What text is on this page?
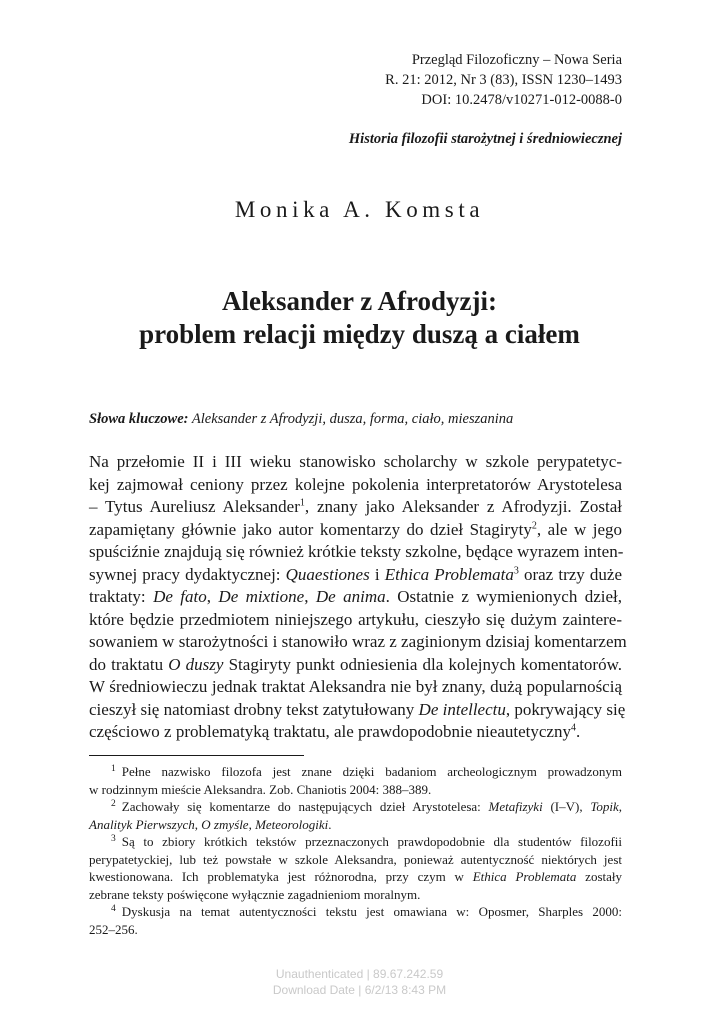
Przegląd Filozoficzny – Nowa Seria
R. 21: 2012, Nr 3 (83), ISSN 1230–1493
DOI: 10.2478/v10271-012-0088-0
Historia filozofii starożytnej i średniowiecznej
Monika A. Komsta
Aleksander z Afrodyzji:
problem relacji między duszą a ciałem
Słowa kluczowe: Aleksander z Afrodyzji, dusza, forma, ciało, mieszanina
Na przełomie II i III wieku stanowisko scholarchy w szkole perypatetyc-
kej zajmował ceniony przez kolejne pokolenia interpretatorów Arystotelesa
– Tytus Aureliusz Aleksander$^1$, znany jako Aleksander z Afrodyzji. Został
zapamiętany głównie jako autor komentarzy do dzieł Stagiryty$^2$, ale w jego
spuściźnie znajdują się również krótkie teksty szkolne, będące wyrazem inten-
sywnej pracy dydaktycznej: Quaestiones i Ethica Problemata$^3$ oraz trzy duże
traktaty: De fato, De mixtione, De anima. Ostatnie z wymienionych dzieł,
które będzie przedmiotem niniejszego artykułu, cieszyło się dużym zaintere-
sowaniem w starożytności i stanowiło wraz z zaginionym dzisiaj komentarzem
do traktatu O duszy Stagiryty punkt odniesienia dla kolejnych komentatorów.
W średniowieczu jednak traktat Aleksandra nie był znany, dużą popularnością
cieszył się natomiast drobny tekst zatytułowany De intellectu, pokrywający się
częściowo z problematyką traktatu, ale prawdopodobnie nieautetyczny$^4$.
$^1$ Pełne nazwisko filozofa jest znane dzięki badaniom archeologicznym prowadzonym
w rodzinnym mieście Aleksandra. Zob. Chaniotis 2004: 388–389.
$^2$ Zachowały się komentarze do następujących dzieł Arystotelesa: Metafizyki (I–V), Topik,
Analityk Pierwszych, O zmyśle, Meteorologiki.
$^3$ Są to zbiory krótkich tekstów przeznaczonych prawdopodobnie dla studentów filozofii
perypatetyckiej, lub też powstałe w szkole Aleksandra, ponieważ autentyczność niektórych jest
kwestionowana. Ich problematyka jest różnorodna, przy czym w Ethica Problemata zostały
zebrane teksty poświęcone wyłącznie zagadnieniom moralnym.
$^4$ Dyskusja na temat autentyczności tekstu jest omawiana w: Oposmer, Sharples 2000:
252–256.
Unauthenticated | 89.67.242.59
Download Date | 6/2/13 8:43 PM
